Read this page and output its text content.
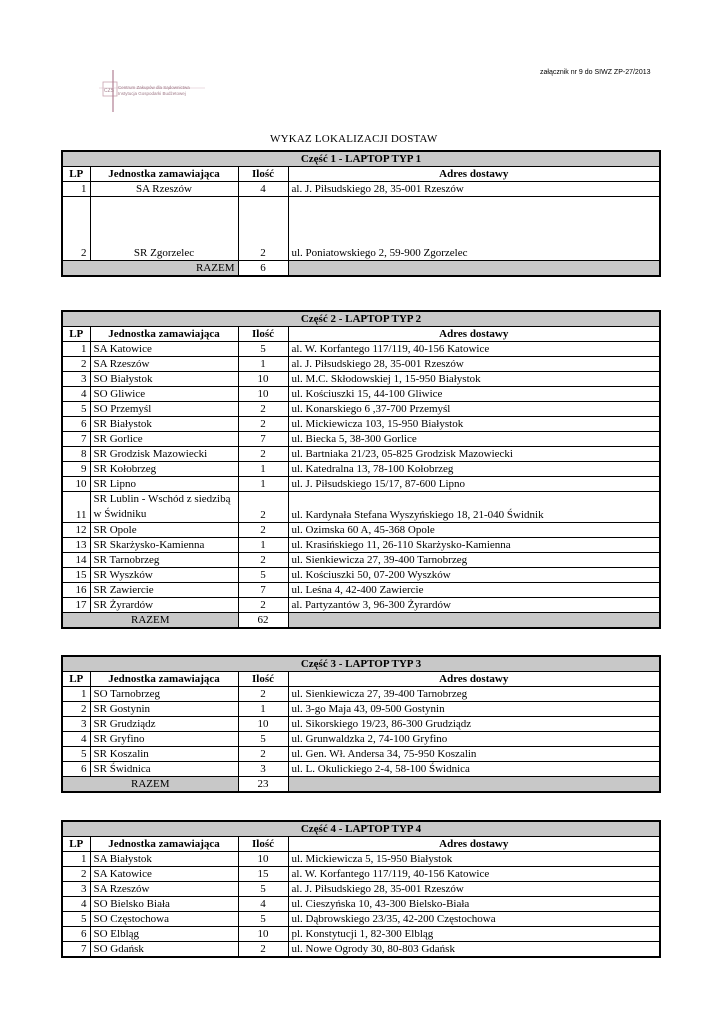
CZS
Centrum Zakupów dla Sądownictwa
Instytucja Gospodarki Budżetowej
załącznik nr 9 do SIWZ ZP-27/2013
WYKAZ LOKALIZACJI DOSTAW
Część 1 - LAPTOP TYP 1			
LP	Jednostka zamawiająca	Ilość	Adres dostawy
1	SA Rzeszów	4	al. J. Piłsudskiego 28, 35-001 Rzeszów
2	SR Zgorzelec	2	ul. Poniatowskiego 2, 59-900 Zgorzelec
RAZEM		6	
Część 2 - LAPTOP TYP 2			
LP	Jednostka zamawiająca	Ilość	Adres dostawy
1	SA Katowice	5	al. W. Korfantego 117/119, 40-156 Katowice
2	SA Rzeszów	1	al. J. Piłsudskiego 28, 35-001 Rzeszów
3	SO Białystok	10	ul. M.C. Skłodowskiej 1, 15-950 Białystok
4	SO Gliwice	10	ul. Kościuszki 15, 44-100 Gliwice
5	SO Przemyśl	2	ul. Konarskiego 6 ,37-700 Przemyśl
6	SR Białystok	2	ul. Mickiewicza 103, 15-950 Białystok
7	SR Gorlice	7	ul. Biecka 5, 38-300 Gorlice
8	SR Grodzisk Mazowiecki	2	ul. Bartniaka 21/23, 05-825 Grodzisk Mazowiecki
9	SR Kołobrzeg	1	ul. Katedralna 13, 78-100 Kołobrzeg
10	SR Lipno	1	ul. J. Piłsudskiego 15/17, 87-600 Lipno
11	SR Lublin - Wschód z siedzibą w Świdniku	2	ul. Kardynała Stefana Wyszyńskiego 18, 21-040 Świdnik
12	SR Opole	2	ul. Ozimska 60 A, 45-368 Opole
13	SR Skarżysko-Kamienna	1	ul. Krasińskiego 11, 26-110 Skarżysko-Kamienna
14	SR Tarnobrzeg	2	ul. Sienkiewicza 27, 39-400 Tarnobrzeg
15	SR Wyszków	5	ul. Kościuszki 50, 07-200 Wyszków
16	SR Zawiercie	7	ul. Leśna 4, 42-400 Zawiercie
17	SR Żyrardów	2	al. Partyzantów 3, 96-300 Żyrardów
RAZEM		62	
Część 3 - LAPTOP TYP 3			
LP	Jednostka zamawiająca	Ilość	Adres dostawy
1	SO Tarnobrzeg	2	ul. Sienkiewicza 27, 39-400 Tarnobrzeg
2	SR Gostynin	1	ul. 3-go Maja 43, 09-500 Gostynin
3	SR Grudziądz	10	ul. Sikorskiego 19/23, 86-300 Grudziądz
4	SR Gryfino	5	ul. Grunwaldzka 2, 74-100 Gryfino
5	SR Koszalin	2	ul. Gen. Wł. Andersa 34, 75-950 Koszalin
6	SR Świdnica	3	ul. L. Okulickiego 2-4, 58-100 Świdnica
RAZEM		23	
Część 4 - LAPTOP TYP 4			
LP	Jednostka zamawiająca	Ilość	Adres dostawy
1	SA Białystok	10	ul. Mickiewicza 5, 15-950 Białystok
2	SA Katowice	15	al. W. Korfantego 117/119, 40-156 Katowice
3	SA Rzeszów	5	al. J. Piłsudskiego 28, 35-001 Rzeszów
4	SO Bielsko Biała	4	ul. Cieszyńska 10, 43-300 Bielsko-Biała
5	SO Częstochowa	5	ul. Dąbrowskiego 23/35, 42-200 Częstochowa
6	SO Elbląg	10	pl. Konstytucji 1, 82-300 Elbląg
7	SO Gdańsk	2	ul. Nowe Ogrody 30, 80-803 Gdańsk
